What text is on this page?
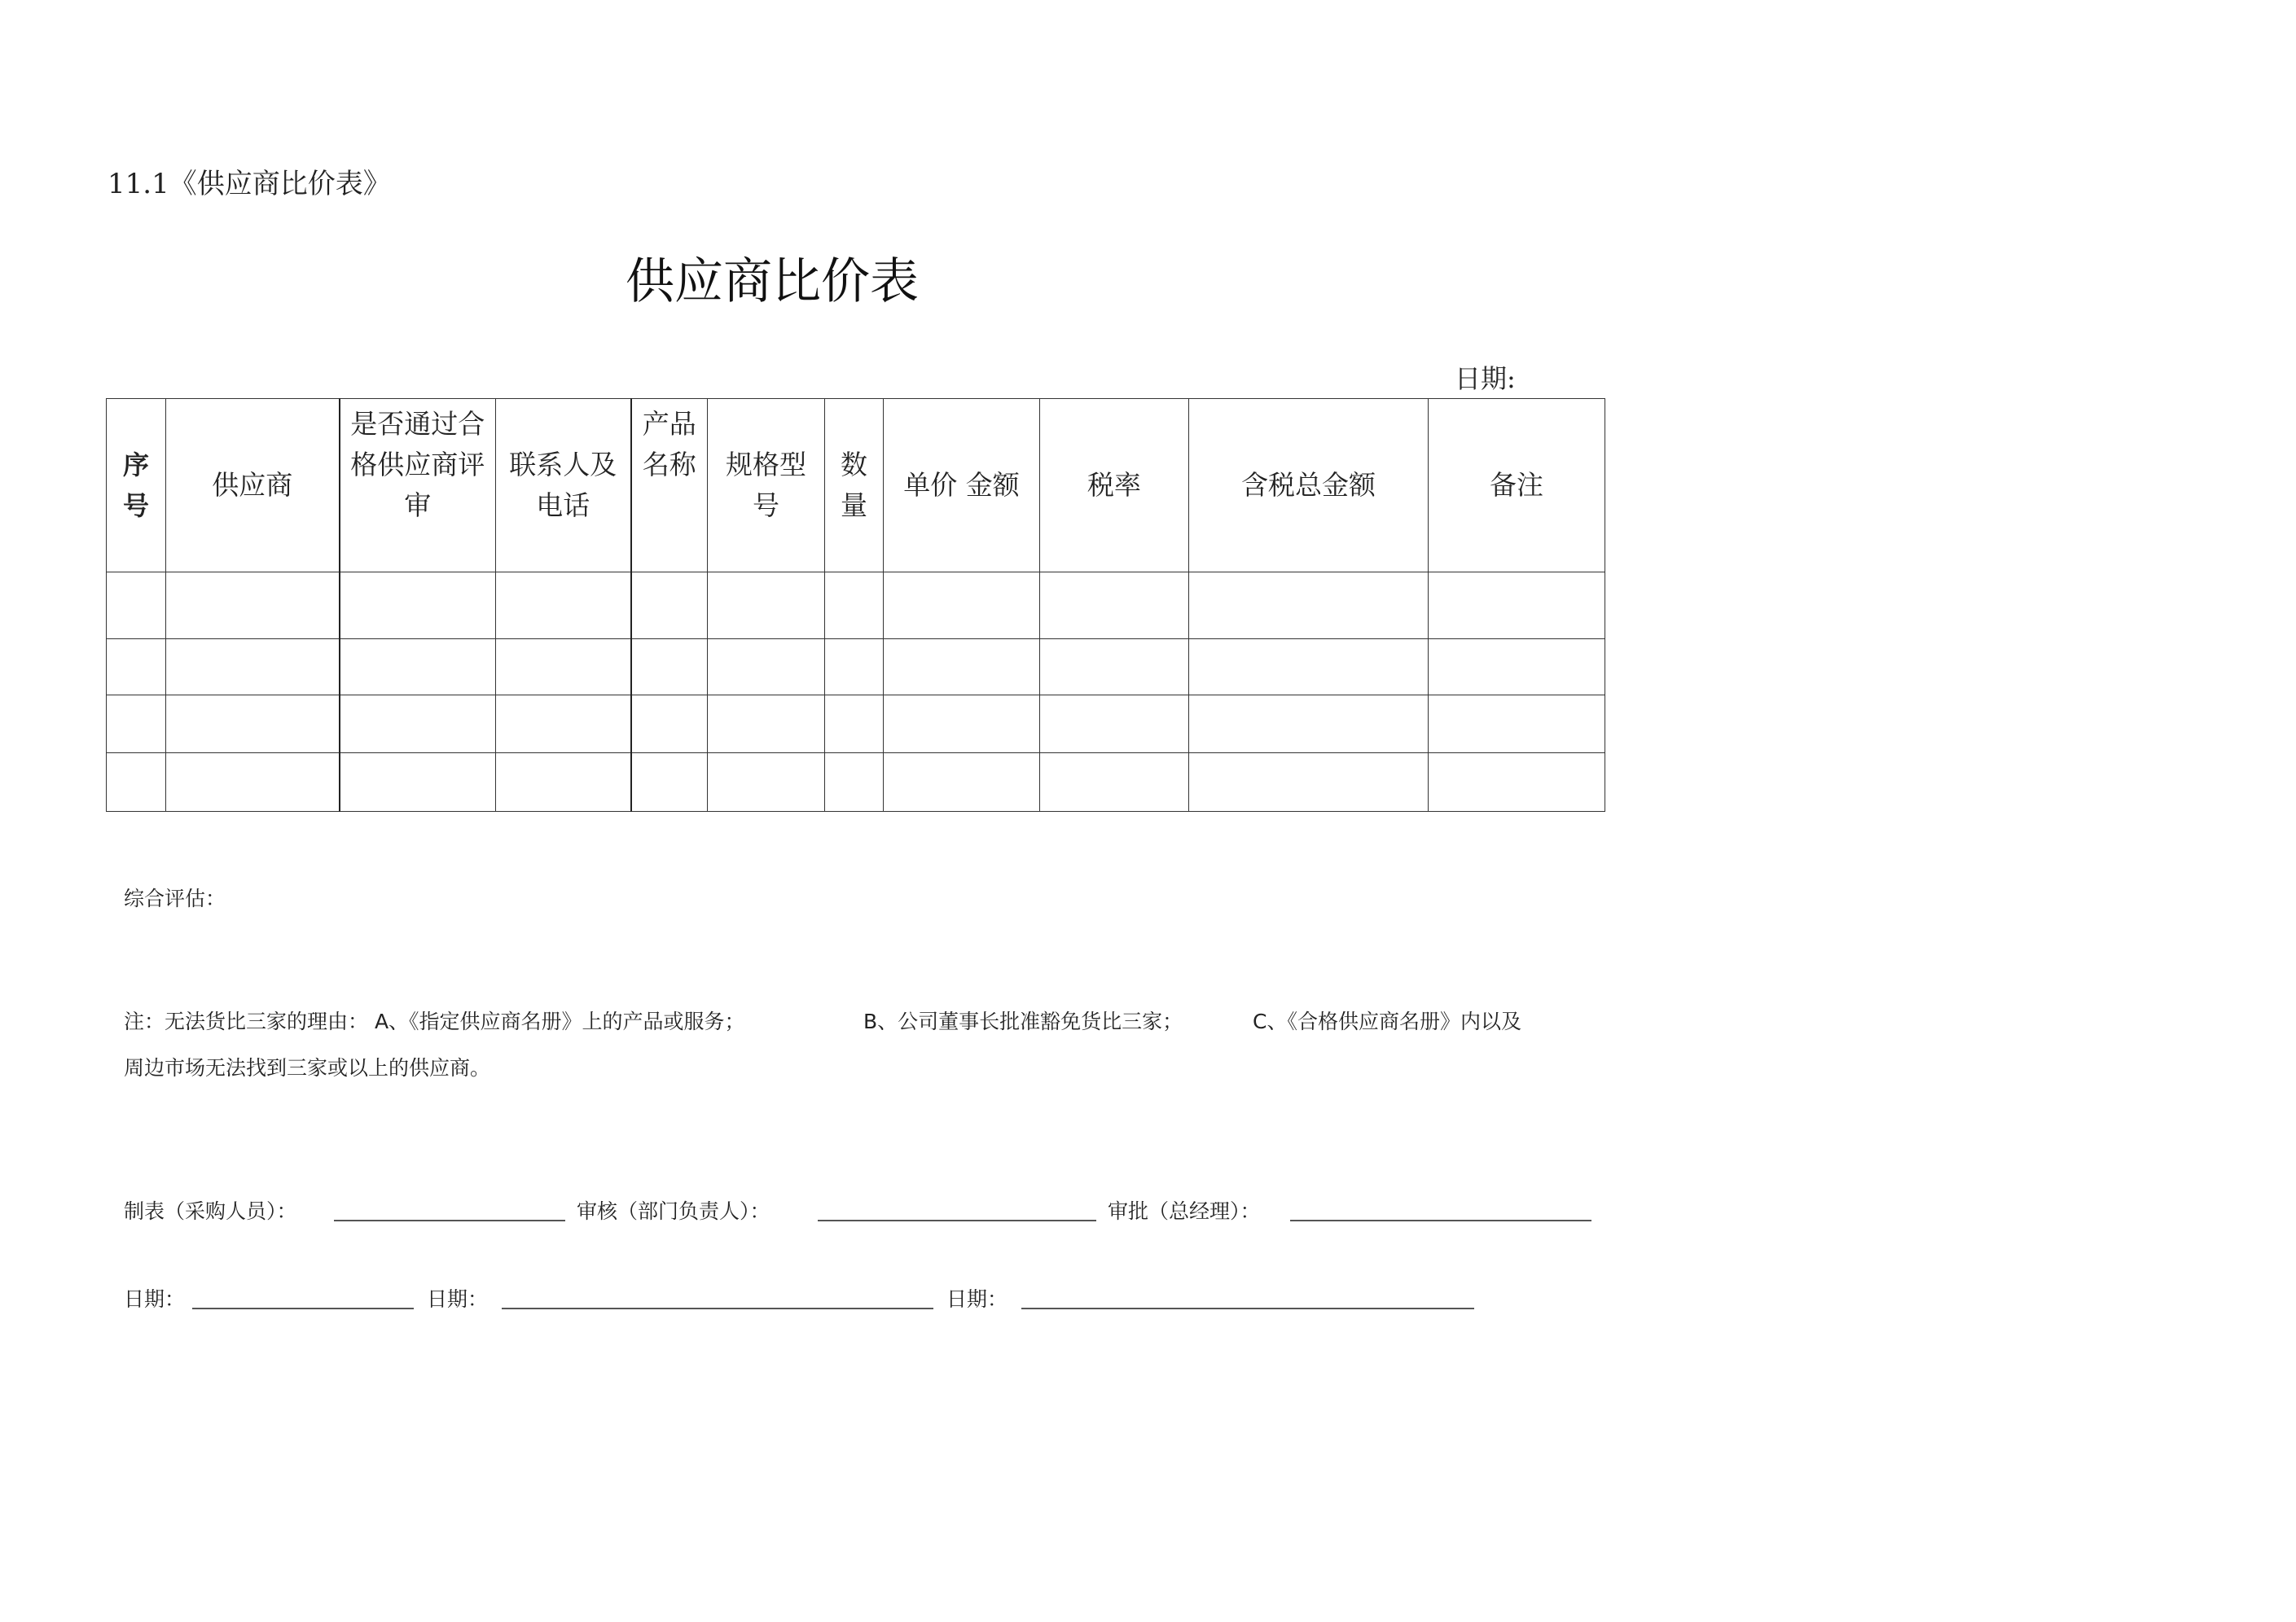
11.1《供应商比价表》
供应商比价表
日期:
序号	供应商	是否通过合格供应商评审	联系人及电话	产品名称	规格型号	数量	单价 金额	税率	含税总金额	备注

综合评估：
注：无法货比三家的理由： A、《指定供应商名册》上的产品或服务；	B、公司董事长批准豁免货比三家；	C、《合格供应商名册》内以及
周边市场无法找到三家或以上的供应商。
制表（采购人员）：	审核（部门负责人）：	审批（总经理）：
日期：	日期：	日期：
